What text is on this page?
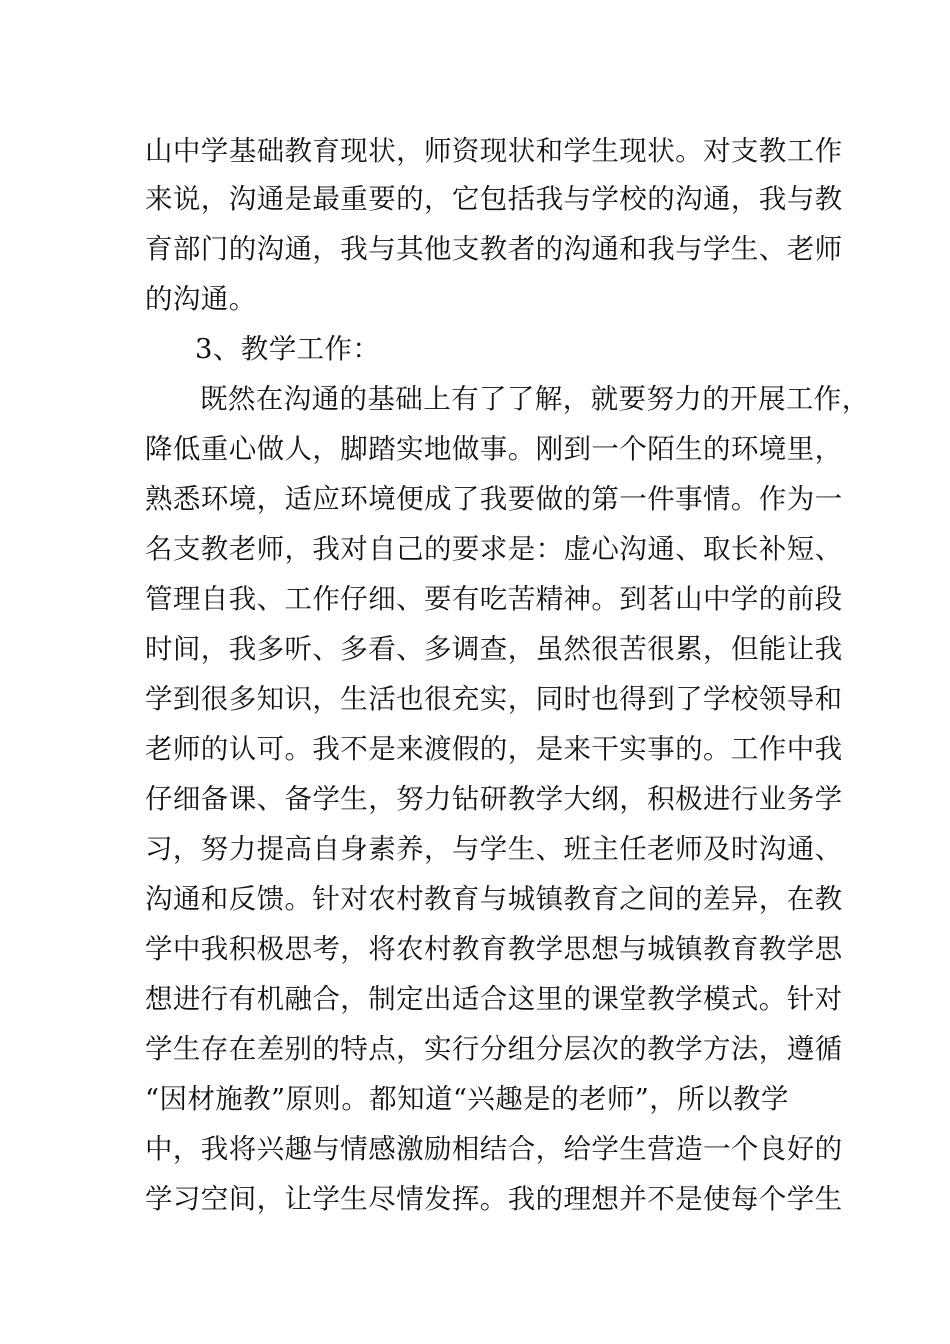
山中学基础教育现状，师资现状和学生现状。对支教工作
来说，沟通是最重要的，它包括我与学校的沟通，我与教
育部门的沟通，我与其他支教者的沟通和我与学生、老师
的沟通。
3、教学工作：
既然在沟通的基础上有了了解，就要努力的开展工作，
降低重心做人，脚踏实地做事。刚到一个陌生的环境里，
熟悉环境，适应环境便成了我要做的第一件事情。作为一
名支教老师，我对自己的要求是：虚心沟通、取长补短、
管理自我、工作仔细、要有吃苦精神。到茗山中学的前段
时间，我多听、多看、多调查，虽然很苦很累，但能让我
学到很多知识，生活也很充实，同时也得到了学校领导和
老师的认可。我不是来渡假的，是来干实事的。工作中我
仔细备课、备学生，努力钻研教学大纲，积极进行业务学
习，努力提高自身素养，与学生、班主任老师及时沟通、
沟通和反馈。针对农村教育与城镇教育之间的差异，在教
学中我积极思考，将农村教育教学思想与城镇教育教学思
想进行有机融合，制定出适合这里的课堂教学模式。针对
学生存在差别的特点，实行分组分层次的教学方法，遵循
“因材施教”原则。都知道“兴趣是的老师”，所以教学
中，我将兴趣与情感激励相结合，给学生营造一个良好的
学习空间，让学生尽情发挥。我的理想并不是使每个学生
